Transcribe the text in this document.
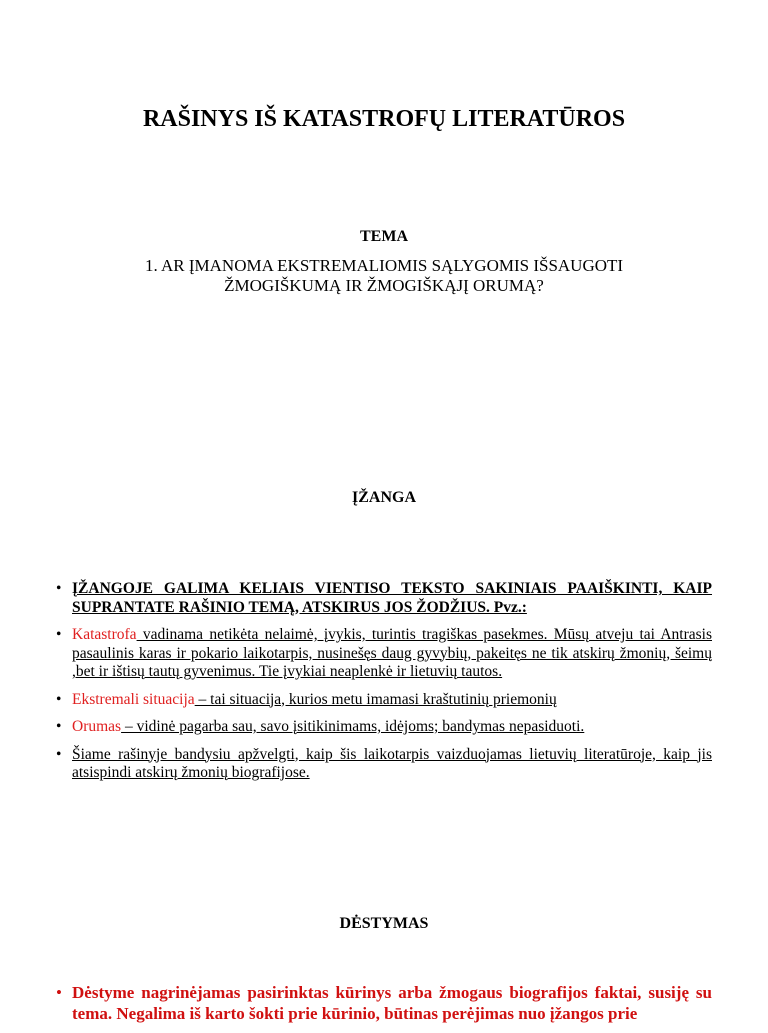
RAŠINYS IŠ KATASTROFŲ LITERATŪROS
TEMA
1. AR ĮMANOMA EKSTREMALIOMIS SĄLYGOMIS IŠSAUGOTI
ŽMOGIŠKUMĄ IR ŽMOGIŠKĄJĮ ORUMĄ?
ĮŽANGA
• ĮŽANGOJE GALIMA KELIAIS VIENTISO TEKSTO SAKINIAIS PAAIŠKINTI, KAIP SUPRANTATE RAŠINIO TEMĄ, ATSKIRUS JOS ŽODŽIUS. Pvz.:
• Katastrofa vadinama netikėta nelaimė, įvykis, turintis tragiškas pasekmes. Mūsų atveju tai Antrasis pasaulinis karas ir pokario laikotarpis, nusinešęs daug gyvybių, pakeitęs ne tik atskirų žmonių, šeimų ,bet ir ištisų tautų gyvenimus. Tie įvykiai neaplenkė ir lietuvių tautos.
• Ekstremali situacija – tai situacija, kurios metu imamasi kraštutinių priemonių
• Orumas – vidinė pagarba sau, savo įsitikinimams, idėjoms; bandymas nepasiduoti.
• Šiame rašinyje bandysiu apžvelgti, kaip šis laikotarpis vaizduojamas lietuvių literatūroje, kaip jis atsispindi atskirų žmonių biografijose.
DĖSTYMAS
• Dėstyme nagrinėjamas pasirinktas kūrinys arba žmogaus biografijos faktai, susiję su tema. Negalima iš karto šokti prie kūrinio, būtinas perėjimas nuo įžangos prie
